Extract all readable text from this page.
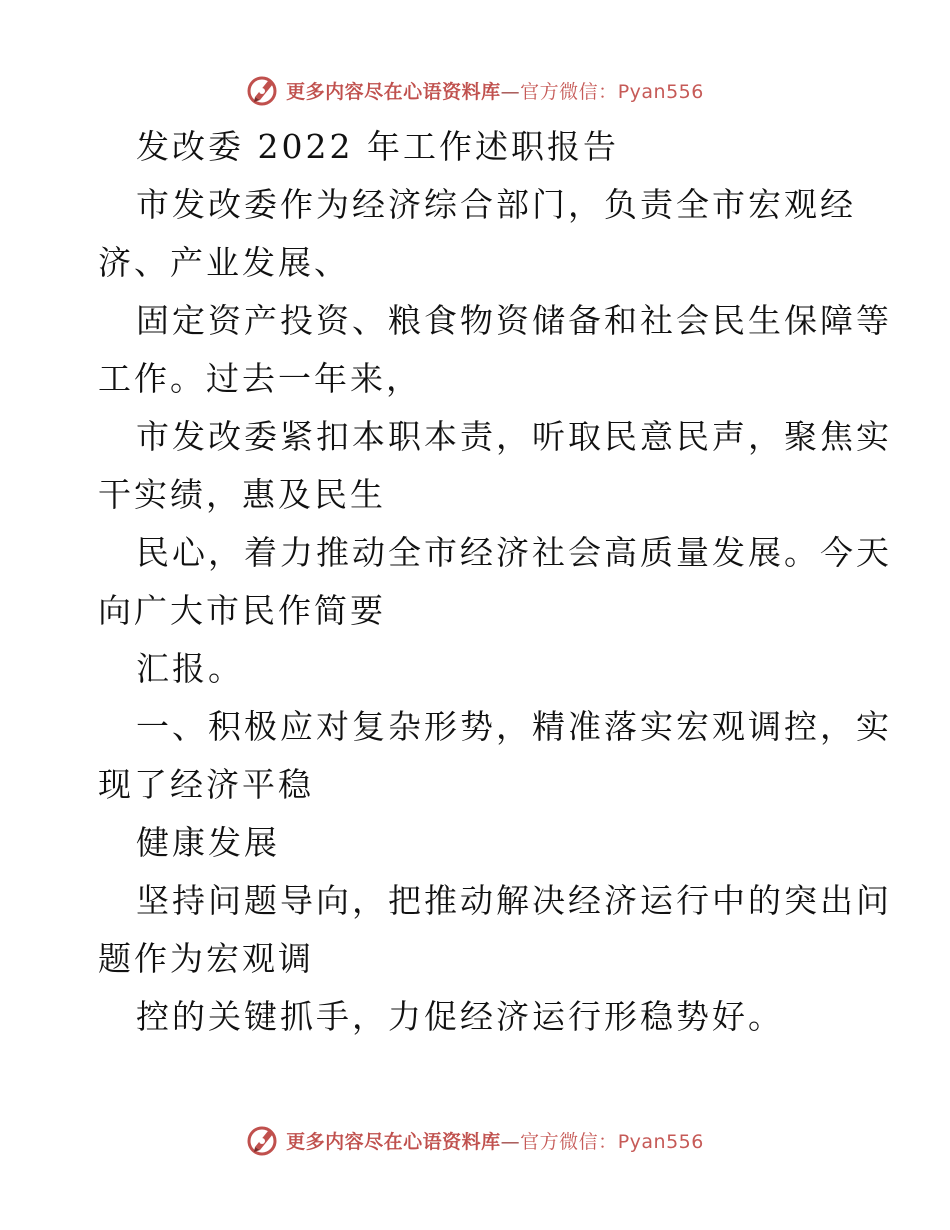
更多内容尽在心语资料库—官方微信：Pyan556
发改委 2022 年工作述职报告
市发改委作为经济综合部门，负责全市宏观经
济、产业发展、
固定资产投资、粮食物资储备和社会民生保障等
工作。过去一年来，
市发改委紧扣本职本责，听取民意民声，聚焦实
干实绩，惠及民生
民心，着力推动全市经济社会高质量发展。今天
向广大市民作简要
汇报。
一、积极应对复杂形势，精准落实宏观调控，实
现了经济平稳
健康发展
坚持问题导向，把推动解决经济运行中的突出问
题作为宏观调
控的关键抓手，力促经济运行形稳势好。
更多内容尽在心语资料库—官方微信：Pyan556
